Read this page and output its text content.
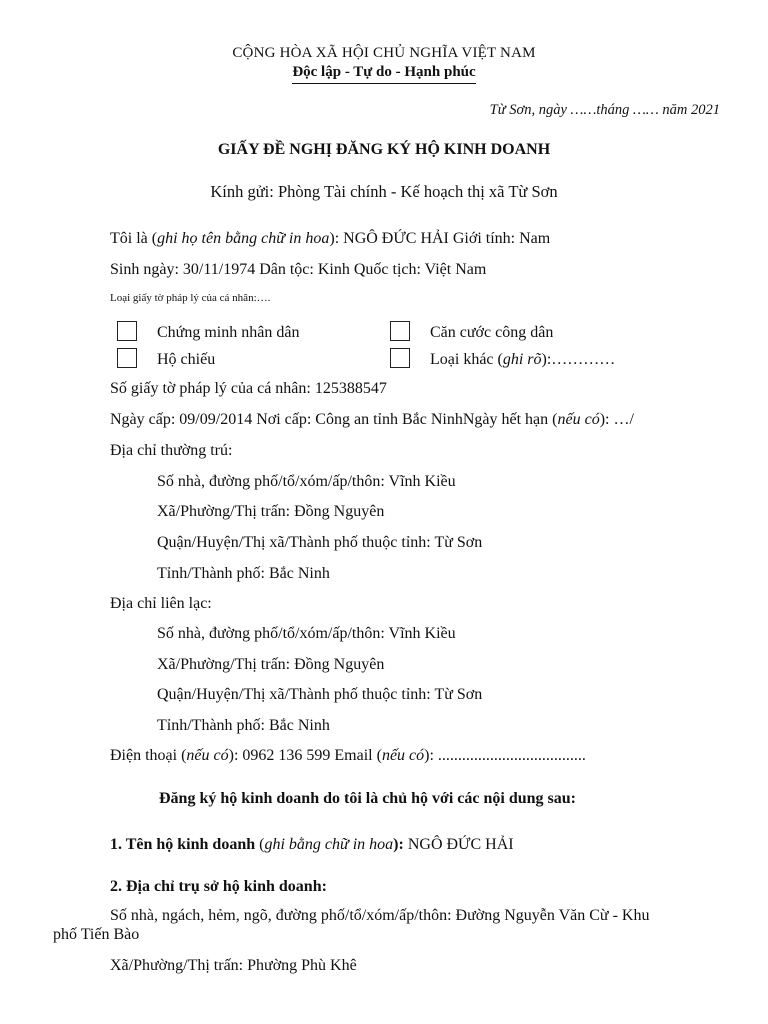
CỘNG HÒA XÃ HỘI CHỦ NGHĨA VIỆT NAM
Độc lập - Tự do - Hạnh phúc
Từ Sơn, ngày ……tháng …… năm 2021
GIẤY ĐỀ NGHỊ ĐĂNG KÝ HỘ KINH DOANH
Kính gửi: Phòng Tài chính - Kế hoạch thị xã Từ Sơn
Tôi là (ghi họ tên bằng chữ in hoa): NGÔ ĐỨC HẢI Giới tính: Nam
Sinh ngày: 30/11/1974 Dân tộc: Kinh Quốc tịch: Việt Nam
Loại giấy tờ pháp lý của cá nhân:….
Chứng minh nhân dân	Căn cước công dân
Hộ chiếu	Loại khác (ghi rõ):…………
Số giấy tờ pháp lý của cá nhân: 125388547
Ngày cấp: 09/09/2014 Nơi cấp: Công an tỉnh Bắc NinhNgày hết hạn (nếu có): …/
Địa chỉ thường trú:
Số nhà, đường phố/tổ/xóm/ấp/thôn: Vĩnh Kiều
Xã/Phường/Thị trấn: Đồng Nguyên
Quận/Huyện/Thị xã/Thành phố thuộc tỉnh: Từ Sơn
Tỉnh/Thành phố: Bắc Ninh
Địa chỉ liên lạc:
Số nhà, đường phố/tổ/xóm/ấp/thôn: Vĩnh Kiều
Xã/Phường/Thị trấn: Đồng Nguyên
Quận/Huyện/Thị xã/Thành phố thuộc tỉnh: Từ Sơn
Tỉnh/Thành phố: Bắc Ninh
Điện thoại (nếu có): 0962 136 599 Email (nếu có): .....................................
Đăng ký hộ kinh doanh do tôi là chủ hộ với các nội dung sau:
1. Tên hộ kinh doanh (ghi bằng chữ in hoa): NGÔ ĐỨC HẢI
2. Địa chỉ trụ sở hộ kinh doanh:
Số nhà, ngách, hẻm, ngõ, đường phố/tổ/xóm/ấp/thôn: Đường Nguyễn Văn Cừ - Khu
phố Tiến Bào
Xã/Phường/Thị trấn: Phường Phù Khê
